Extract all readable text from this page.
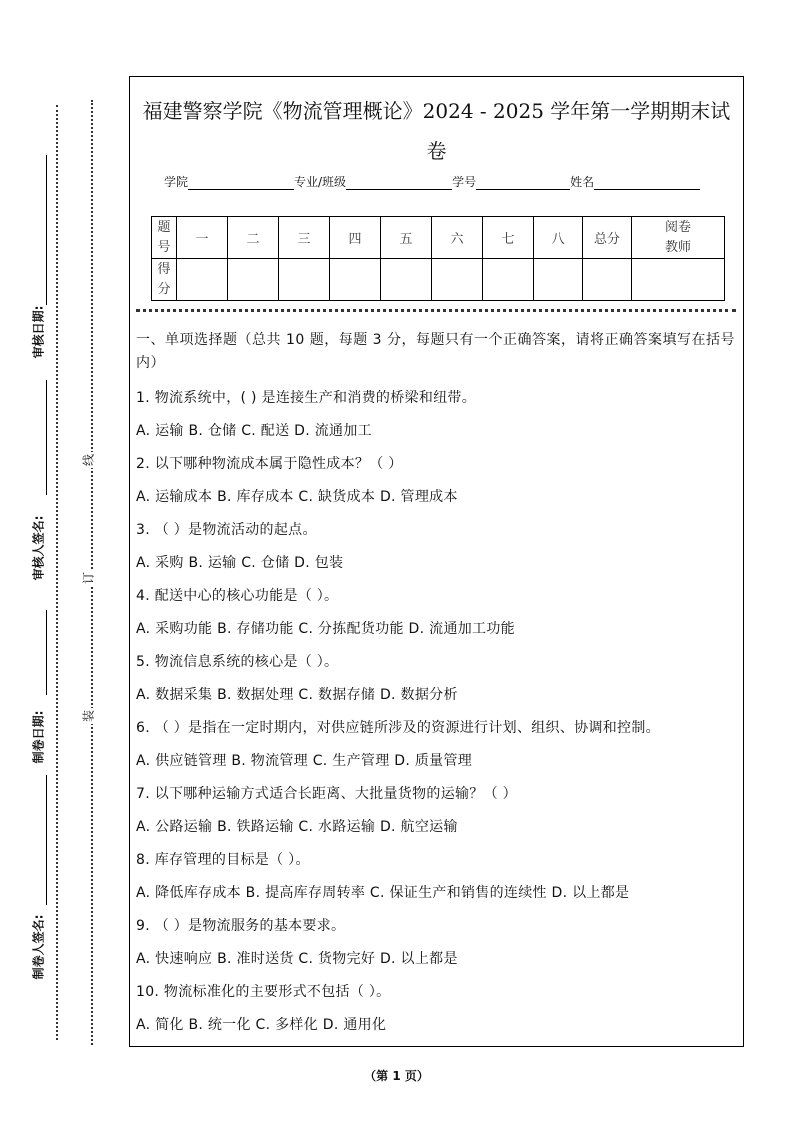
审核日期:
审核人签名:
制卷日期:
制卷人签名:
线
订
装
福建警察学院《物流管理概论》2024 - 2025 学年第一学期期末试
卷
学院	专业/班级	学号	姓名
题号	一	二	三	四	五	六	七	八	总分	阅卷教师
得分										
一、单项选择题（总共 10 题，每题 3 分，每题只有一个正确答案，请将正确答案填写在括号内）
1. 物流系统中，( ) 是连接生产和消费的桥梁和纽带。
A. 运输 B. 仓储 C. 配送 D. 流通加工
2. 以下哪种物流成本属于隐性成本？（ ）
A. 运输成本 B. 库存成本 C. 缺货成本 D. 管理成本
3. （ ）是物流活动的起点。
A. 采购 B. 运输 C. 仓储 D. 包装
4. 配送中心的核心功能是（ ）。
A. 采购功能 B. 存储功能 C. 分拣配货功能 D. 流通加工功能
5. 物流信息系统的核心是（ ）。
A. 数据采集 B. 数据处理 C. 数据存储 D. 数据分析
6. （ ）是指在一定时期内，对供应链所涉及的资源进行计划、组织、协调和控制。
A. 供应链管理 B. 物流管理 C. 生产管理 D. 质量管理
7. 以下哪种运输方式适合长距离、大批量货物的运输？（ ）
A. 公路运输 B. 铁路运输 C. 水路运输 D. 航空运输
8. 库存管理的目标是（ ）。
A. 降低库存成本 B. 提高库存周转率 C. 保证生产和销售的连续性 D. 以上都是
9. （ ）是物流服务的基本要求。
A. 快速响应 B. 准时送货 C. 货物完好 D. 以上都是
10. 物流标准化的主要形式不包括（ ）。
A. 简化 B. 统一化 C. 多样化 D. 通用化
（第 1 页）
